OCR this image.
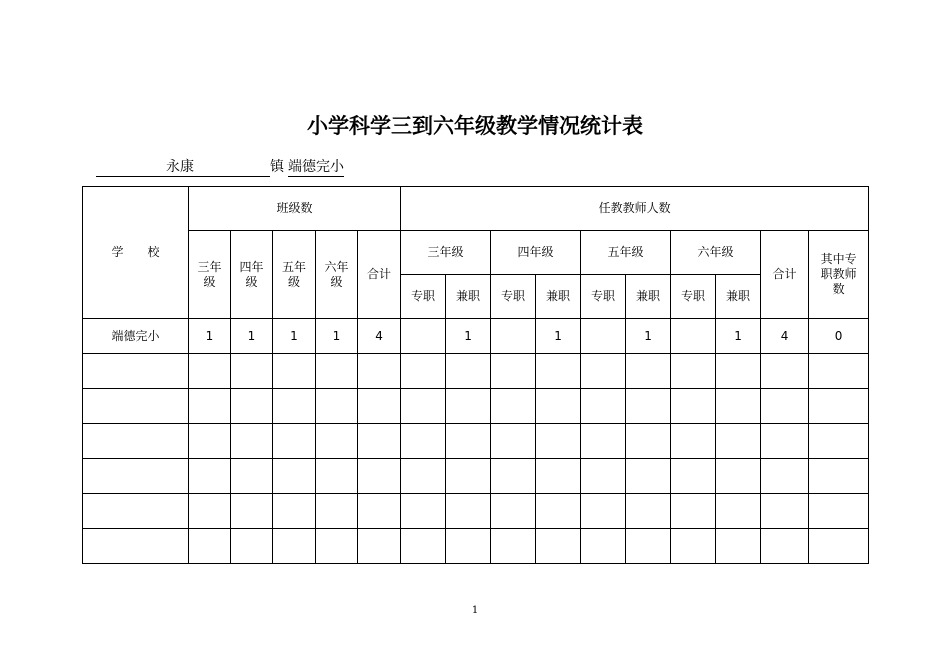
小学科学三到六年级教学情况统计表
永康	镇 端德完小
学　　校	班级数					任教教师人数									
	三年级	四年级	五年级	六年级	合计	三年级		四年级		五年级		六年级		合计	其中专职教师数
						专职	兼职	专职	兼职	专职	兼职	专职	兼职		
端德完小	1	1	1	1	4		1		1		1		1	4	0

1
